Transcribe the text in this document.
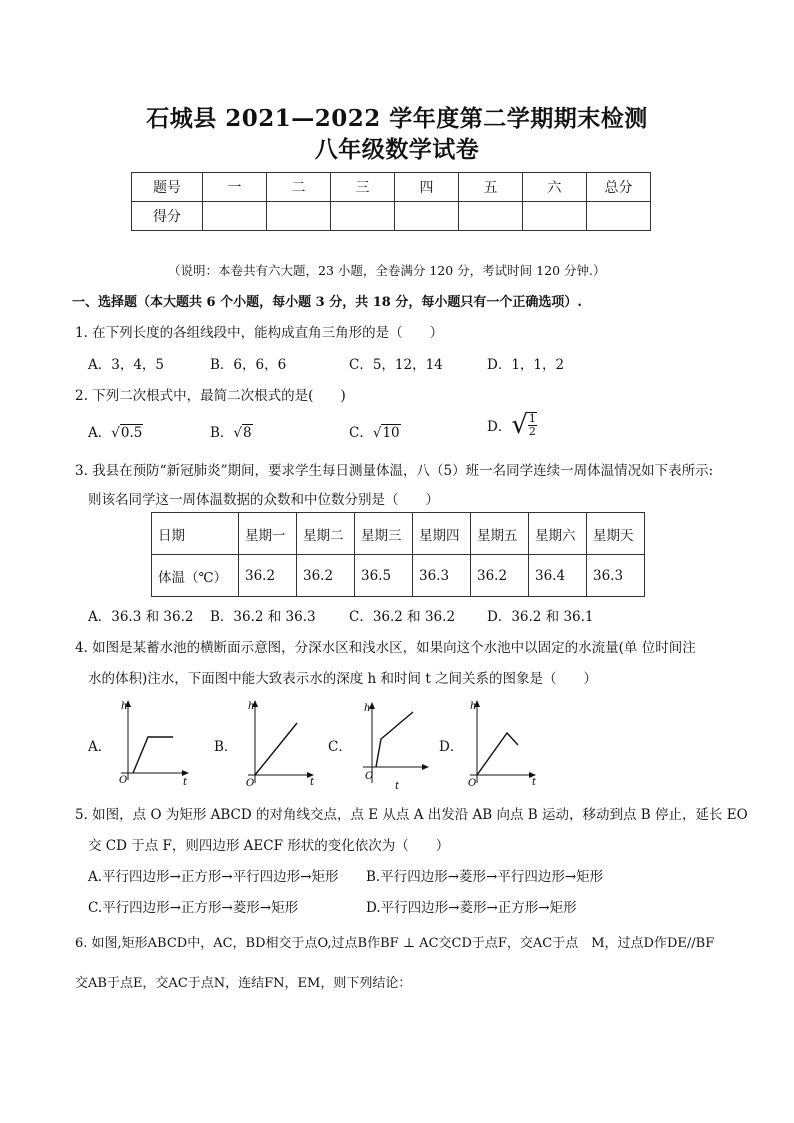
石城县 2021—2022 学年度第二学期期末检测
八年级数学试卷
题号	一	二	三	四	五	六	总分
得分							
（说明：本卷共有六大题，23 小题，全卷满分 120 分，考试时间 120 分钟.）
一、选择题（本大题共 6 个小题，每小题 3 分，共 18 分，每小题只有一个正确选项）.
1. 在下列长度的各组线段中，能构成直角三角形的是（　　）
A．3，4，5	B．6，6，6	C．5，12，14	D．1，1，2
2. 下列二次根式中，最简二次根式的是(　　)
A．√0.5	B．√8	C．√10	D．√ $\frac{1}{2}$
3. 我县在预防“新冠肺炎”期间，要求学生每日测量体温，八（5）班一名同学连续一周体温情况如下表所示:
则该名同学这一周体温数据的众数和中位数分别是（　　）
日期	星期一	星期二	星期三	星期四	星期五	星期六	星期天
体温（℃）	36.2	36.2	36.5	36.3	36.2	36.4	36.3
A．36.3 和 36.2 B．36.2 和 36.3 C．36.2 和 36.2 D．36.2 和 36.1
4. 如图是某蓄水池的横断面示意图，分深水区和浅水区，如果向这个水池中以固定的水流量(单 位时间注
水的体积)注水，下面图中能大致表示水的深度 h 和时间 t 之间关系的图象是（　　）
A．
h
t
O
B．
h
t
O
C．
h
t
O
D．
h
t
O
5. 如图，点 O 为矩形 ABCD 的对角线交点，点 E 从点 A 出发沿 AB 向点 B 运动，移动到点 B 停止，延长 EO
交 CD 于点 F，则四边形 AECF 形状的变化依次为（　　）
A.平行四边形→正方形→平行四边形→矩形 B.平行四边形→菱形→平行四边形→矩形
C.平行四边形→正方形→菱形→矩形	D.平行四边形→菱形→正方形→矩形
6. 如图,矩形ABCD中，AC，BD相交于点O,过点B作BF ⊥ AC交CD于点F，交AC于点　M，过点D作DE//BF
交AB于点E，交AC于点N，连结FN，EM，则下列结论：
